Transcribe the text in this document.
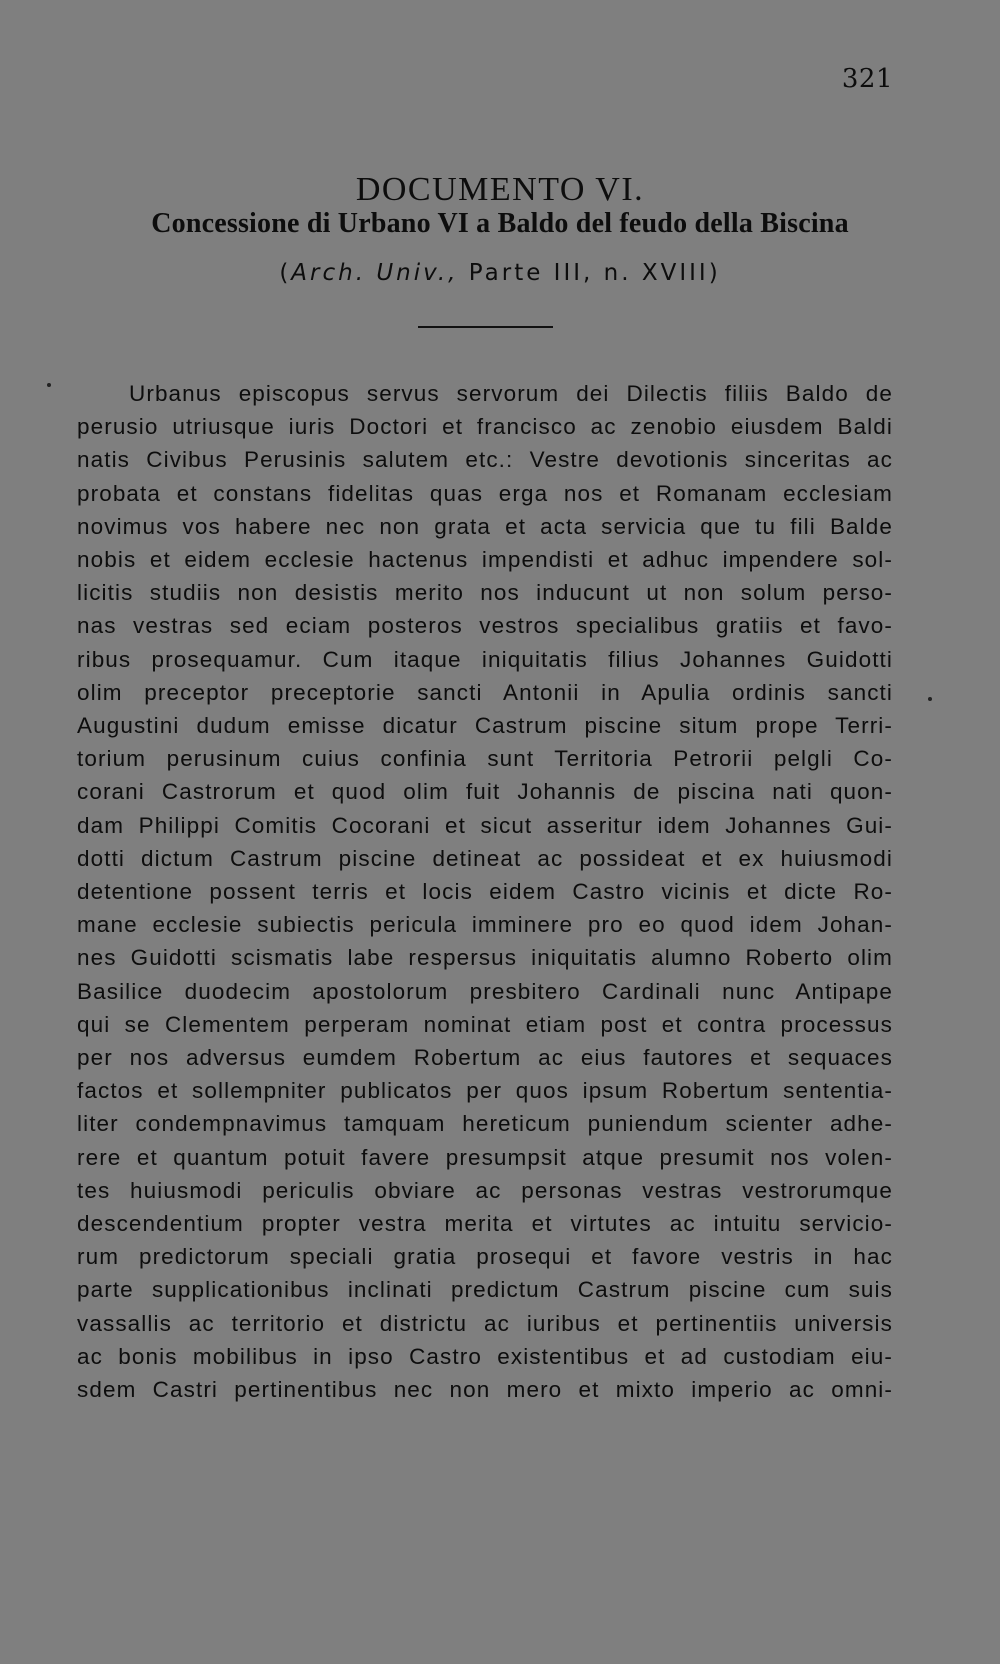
321
DOCUMENTO VI.
Concessione di Urbano VI a Baldo del feudo della Biscina
(Arch. Univ., Parte III, n. XVIII)
Urbanus episcopus servus servorum dei Dilectis filiis Baldo de
perusio utriusque iuris Doctori et francisco ac zenobio eiusdem Baldi
natis Civibus Perusinis salutem etc.: Vestre devotionis sinceritas ac
probata et constans fidelitas quas erga nos et Romanam ecclesiam
novimus vos habere nec non grata et acta servicia que tu fili Balde
nobis et eidem ecclesie hactenus impendisti et adhuc impendere sol-
licitis studiis non desistis merito nos inducunt ut non solum perso-
nas vestras sed eciam posteros vestros specialibus gratiis et favo-
ribus prosequamur. Cum itaque iniquitatis filius Johannes Guidotti
olim preceptor preceptorie sancti Antonii in Apulia ordinis sancti
Augustini dudum emisse dicatur Castrum piscine situm prope Terri-
torium perusinum cuius confinia sunt Territoria Petrorii pelgli Co-
corani Castrorum et quod olim fuit Johannis de piscina nati quon-
dam Philippi Comitis Cocorani et sicut asseritur idem Johannes Gui-
dotti dictum Castrum piscine detineat ac possideat et ex huiusmodi
detentione possent terris et locis eidem Castro vicinis et dicte Ro-
mane ecclesie subiectis pericula imminere pro eo quod idem Johan-
nes Guidotti scismatis labe respersus iniquitatis alumno Roberto olim
Basilice duodecim apostolorum presbitero Cardinali nunc Antipape
qui se Clementem perperam nominat etiam post et contra processus
per nos adversus eumdem Robertum ac eius fautores et sequaces
factos et sollempniter publicatos per quos ipsum Robertum sententia-
liter condempnavimus tamquam hereticum puniendum scienter adhe-
rere et quantum potuit favere presumpsit atque presumit nos volen-
tes huiusmodi periculis obviare ac personas vestras vestrorumque
descendentium propter vestra merita et virtutes ac intuitu servicio-
rum predictorum speciali gratia prosequi et favore vestris in hac
parte supplicationibus inclinati predictum Castrum piscine cum suis
vassallis ac territorio et districtu ac iuribus et pertinentiis universis
ac bonis mobilibus in ipso Castro existentibus et ad custodiam eiu-
sdem Castri pertinentibus nec non mero et mixto imperio ac omni-
